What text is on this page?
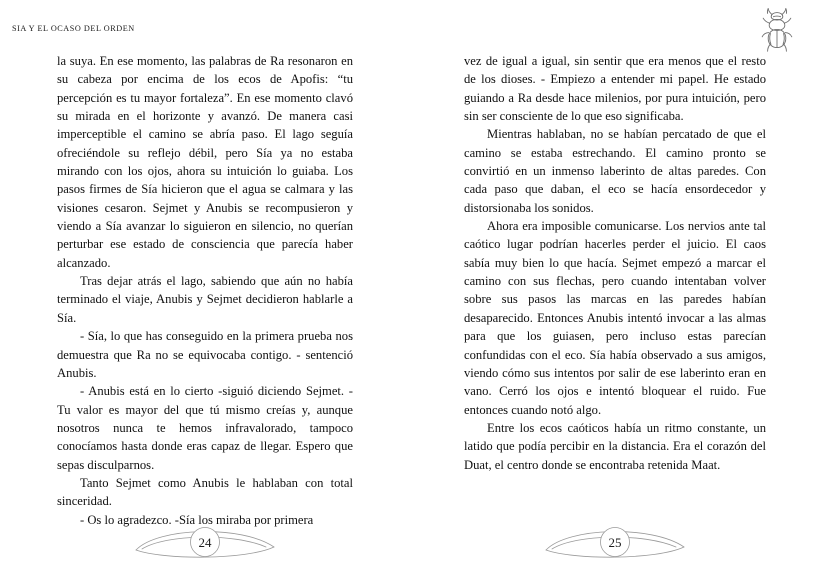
SIA Y EL OCASO DEL ORDEN

la suya. En ese momento, las palabras de Ra resonaron en su cabeza por encima de los ecos de Apofis: “tu percepción es tu mayor fortaleza”. En ese momento clavó su mirada en el horizonte y avanzó. De manera casi imperceptible el camino se abría paso. El lago seguía ofreciéndole su reflejo débil, pero Sía ya no estaba mirando con los ojos, ahora su intuición lo guiaba. Los pasos firmes de Sía hicieron que el agua se calmara y las visiones cesaron. Sejmet y Anubis se recompusieron y viendo a Sía avanzar lo siguieron en silencio, no querían perturbar ese estado de consciencia que parecía haber alcanzado.

Tras dejar atrás el lago, sabiendo que aún no había terminado el viaje, Anubis y Sejmet decidieron hablarle a Sía.

- Sía, lo que has conseguido en la primera prueba nos demuestra que Ra no se equivocaba contigo. - sentenció Anubis.

- Anubis está en lo cierto -siguió diciendo Sejmet. - Tu valor es mayor del que tú mismo creías y, aunque nosotros nunca te hemos infravalorado, tampoco conocíamos hasta donde eras capaz de llegar. Espero que sepas disculparnos.

Tanto Sejmet como Anubis le hablaban con total sinceridad.

- Os lo agradezco. -Sía los miraba por primera

24

vez de igual a igual, sin sentir que era menos que el resto de los dioses. - Empiezo a entender mi papel. He estado guiando a Ra desde hace milenios, por pura intuición, pero sin ser consciente de lo que eso significaba.

Mientras hablaban, no se habían percatado de que el camino se estaba estrechando. El camino pronto se convirtió en un inmenso laberinto de altas paredes. Con cada paso que daban, el eco se hacía ensordecedor y distorsionaba los sonidos.

Ahora era imposible comunicarse. Los nervios ante tal caótico lugar podrían hacerles perder el juicio. El caos sabía muy bien lo que hacía. Sejmet empezó a marcar el camino con sus flechas, pero cuando intentaban volver sobre sus pasos las marcas en las paredes habían desaparecido. Entonces Anubis intentó invocar a las almas para que los guiasen, pero incluso estas parecían confundidas con el eco. Sía había observado a sus amigos, viendo cómo sus intentos por salir de ese laberinto eran en vano. Cerró los ojos e intentó bloquear el ruido. Fue entonces cuando notó algo.

Entre los ecos caóticos había un ritmo constante, un latido que podía percibir en la distancia. Era el corazón del Duat, el centro donde se encontraba retenida Maat.

25
